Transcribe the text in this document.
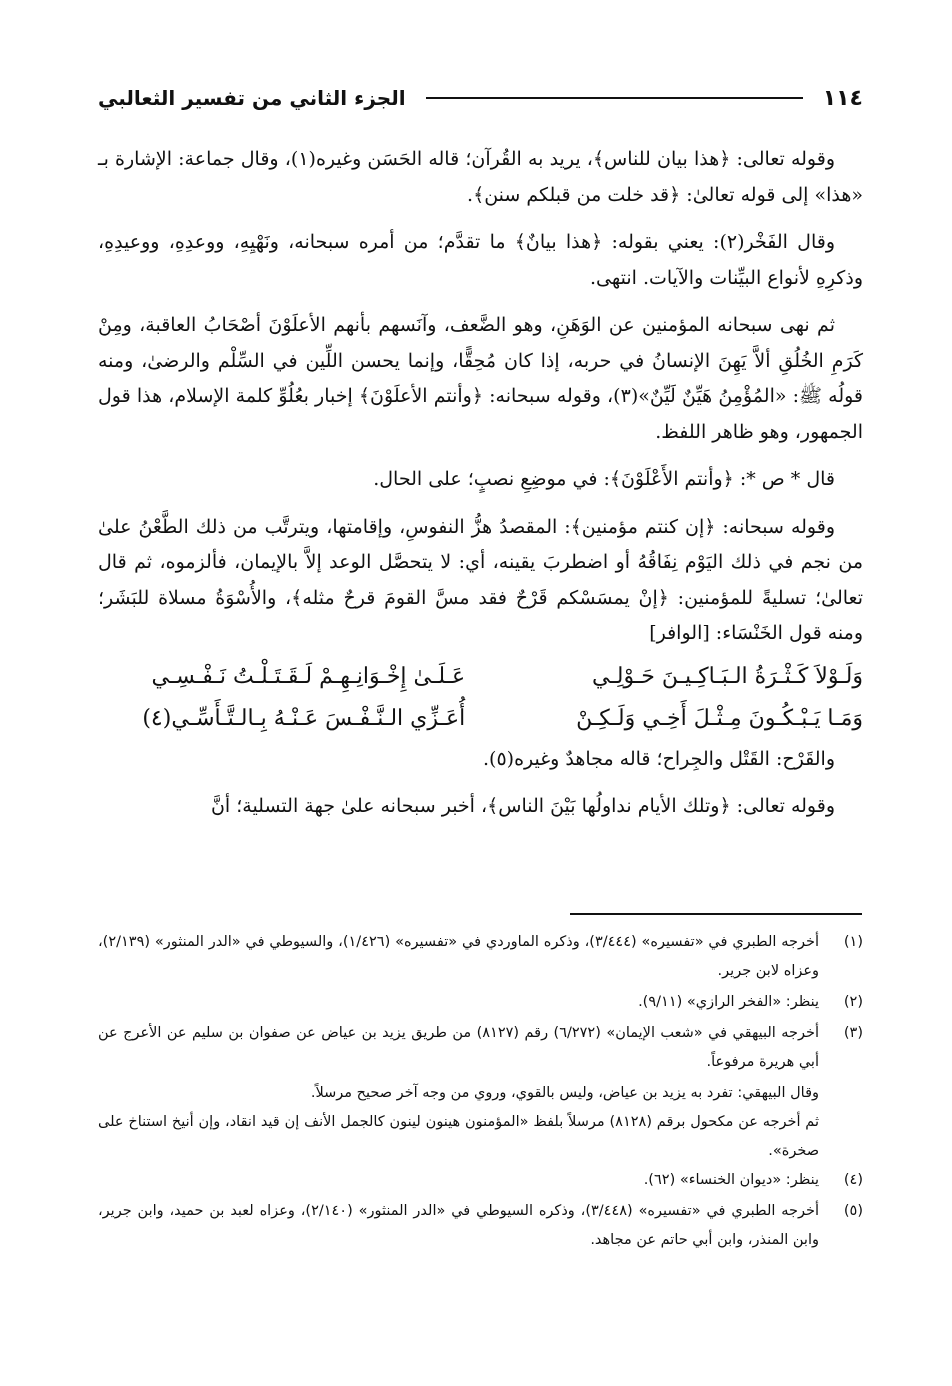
١١٤
الجزء الثاني من تفسير الثعالبي

وقوله تعالى: ﴿هذا بيان للناس﴾، يريد به القُرآن؛ قاله الحَسَن وغيره(١)، وقال جماعة: الإشارة بـ «هذا» إلى قوله تعالىٰ: ﴿قد خلت من قبلكم سنن﴾.

وقال الفَخْر(٢): يعني بقوله: ﴿هذا بيانٌ﴾ ما تقدَّم؛ من أمره سبحانه، ونَهْيِهِ، ووعدِهِ، ووعيدِهِ، وذكرِهِ لأنواع البيِّنات والآيات. انتهى.

ثم نهى سبحانه المؤمنين عن الوَهَنِ، وهو الضَّعف، وآنَسهم بأنهم الأعلَوْنَ أصْحَابُ العاقبة، ومِنْ كَرَمِ الخُلُقِ ألاَّ يَهِنَ الإنسانُ في حربه، إذا كان مُحِقًّا، وإنما يحسن اللِّين في السِّلْم والرضىٰ، ومنه قولُه ﷺ: «المُؤْمِنُ هَيِّنٌ لَيِّنٌ»(٣)، وقوله سبحانه: ﴿وأنتم الأعلَوْنَ﴾ إخبار بعُلُوِّ كلمة الإسلام، هذا قول الجمهور، وهو ظاهر اللفظ.

قال * ص *: ﴿وأنتم الأَعْلَوْنَ﴾: في موضِعِ نصبٍ؛ على الحال.

وقوله سبحانه: ﴿إن كنتم مؤمنين﴾: المقصدُ هزُّ النفوسِ، وإقامتها، ويترتَّب من ذلك الطَّعْنُ علىٰ من نجم في ذلك اليَوْم نِفَاقُهُ أو اضطربَ يقينه، أي: لا يتحصَّل الوعد إلاَّ بالإيمان، فألزموه، ثم قال تعالىٰ؛ تسليةً للمؤمنين: ﴿إنْ يمسَسْكم قَرْحٌ فقد مسَّ القومَ قرحٌ مثله﴾، والأُسْوَةُ مسلاة للبَشَر؛ ومنه قول الخَنْسَاء: [الوافر]

وَلَـوْلاَ كَـثْـرَةُ الـبَـاكِـيـنَ حَـوْلِـي
عَـلَـىٰ إِخْـوَانِـهِـمْ لَـقَـتَـلْـتُ نَـفْـسِـي
وَمَـا يَـبْـكُـونَ مِـثْـلَ أَخِـي وَلَـكِـنْ
أُعَـزِّي الـنَّـفْـسَ عَـنْـهُ بِـالـتَّـأَسِّـي(٤)

والقَرْح: القَتْل والجِراح؛ قاله مجاهدٌ وغيره(٥).

وقوله تعالى: ﴿وتلك الأيام نداولُها بَيْنَ الناس﴾، أخبر سبحانه علىٰ جهة التسلية؛ أنَّ

(١)
أخرجه الطبري في «تفسيره» (٣/٤٤٤)، وذكره الماوردي في «تفسيره» (١/٤٢٦)، والسيوطي في «الدر المنثور» (٢/١٣٩)، وعزاه لابن جرير.
(٢)
ينظر: «الفخر الرازي» (٩/١١).
(٣)
أخرجه البيهقي في «شعب الإيمان» (٦/٢٧٢) رقم (٨١٢٧) من طريق يزيد بن عياض عن صفوان بن سليم عن الأعرج عن أبي هريرة مرفوعاً.
وقال البيهقي: تفرد به يزيد بن عياض، وليس بالقوي، وروي من وجه آخر صحيح مرسلاً.
ثم أخرجه عن مكحول برقم (٨١٢٨) مرسلاً بلفظ «المؤمنون هينون لينون كالجمل الأنف إن قيد انقاد، وإن أنيخ استناخ على صخرة».
(٤)
ينظر: «ديوان الخنساء» (٦٢).
(٥)
أخرجه الطبري في «تفسيره» (٣/٤٤٨)، وذكره السيوطي في «الدر المنثور» (٢/١٤٠)، وعزاه لعبد بن حميد، وابن جرير، وابن المنذر، وابن أبي حاتم عن مجاهد.
